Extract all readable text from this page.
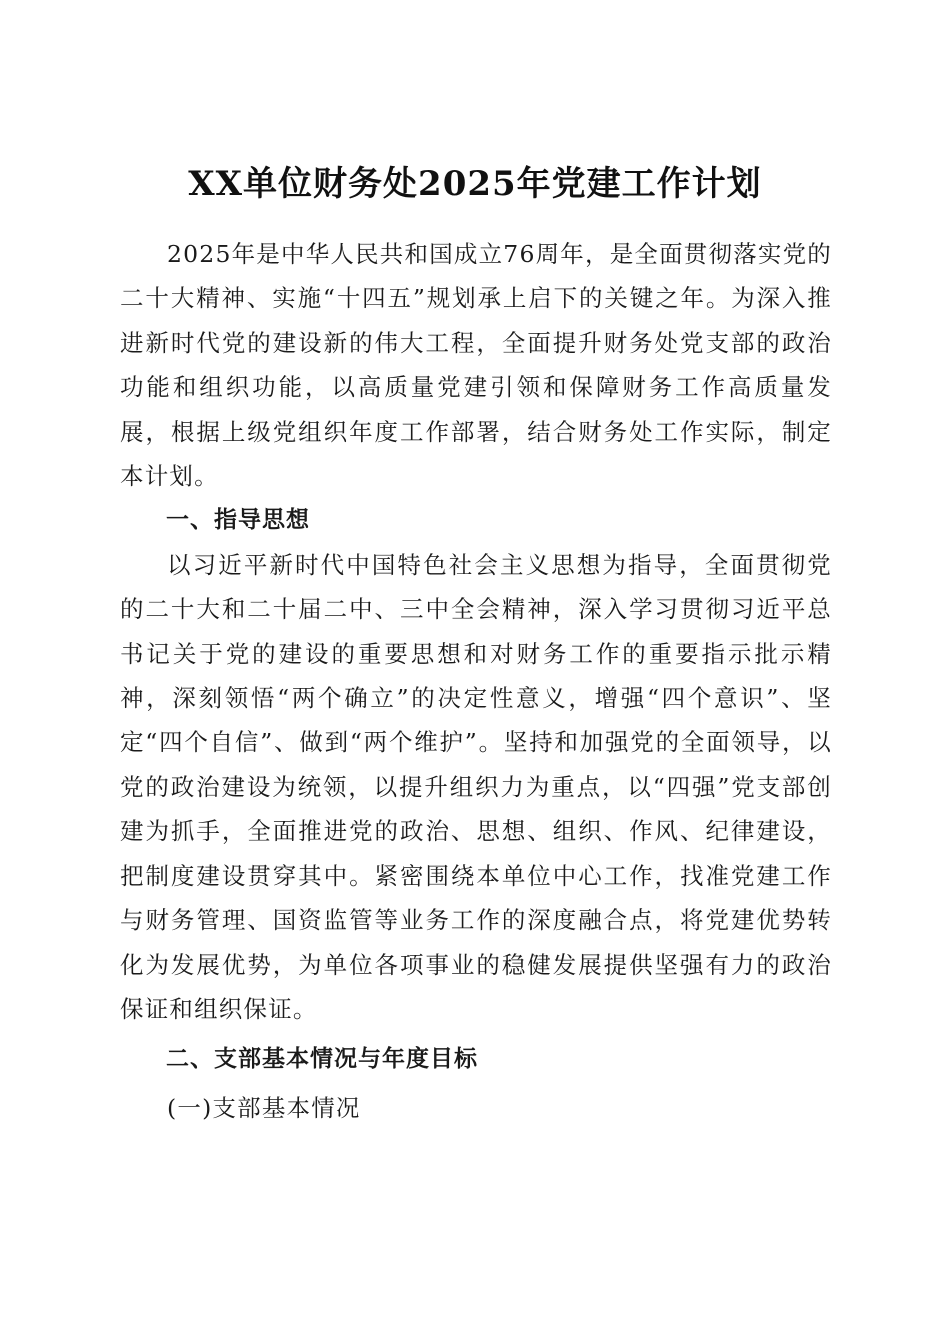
XX单位财务处2025年党建工作计划

2025年是中华人民共和国成立76周年，是全面贯彻落实党的二十大精神、实施“十四五”规划承上启下的关键之年。为深入推进新时代党的建设新的伟大工程，全面提升财务处党支部的政治功能和组织功能，以高质量党建引领和保障财务工作高质量发展，根据上级党组织年度工作部署，结合财务处工作实际，制定本计划。

一、指导思想

以习近平新时代中国特色社会主义思想为指导，全面贯彻党的二十大和二十届二中、三中全会精神，深入学习贯彻习近平总书记关于党的建设的重要思想和对财务工作的重要指示批示精神，深刻领悟“两个确立”的决定性意义，增强“四个意识”、坚定“四个自信”、做到“两个维护”。坚持和加强党的全面领导，以党的政治建设为统领，以提升组织力为重点，以“四强”党支部创建为抓手，全面推进党的政治、思想、组织、作风、纪律建设，把制度建设贯穿其中。紧密围绕本单位中心工作，找准党建工作与财务管理、国资监管等业务工作的深度融合点，将党建优势转化为发展优势，为单位各项事业的稳健发展提供坚强有力的政治保证和组织保证。

二、支部基本情况与年度目标

(一)支部基本情况
